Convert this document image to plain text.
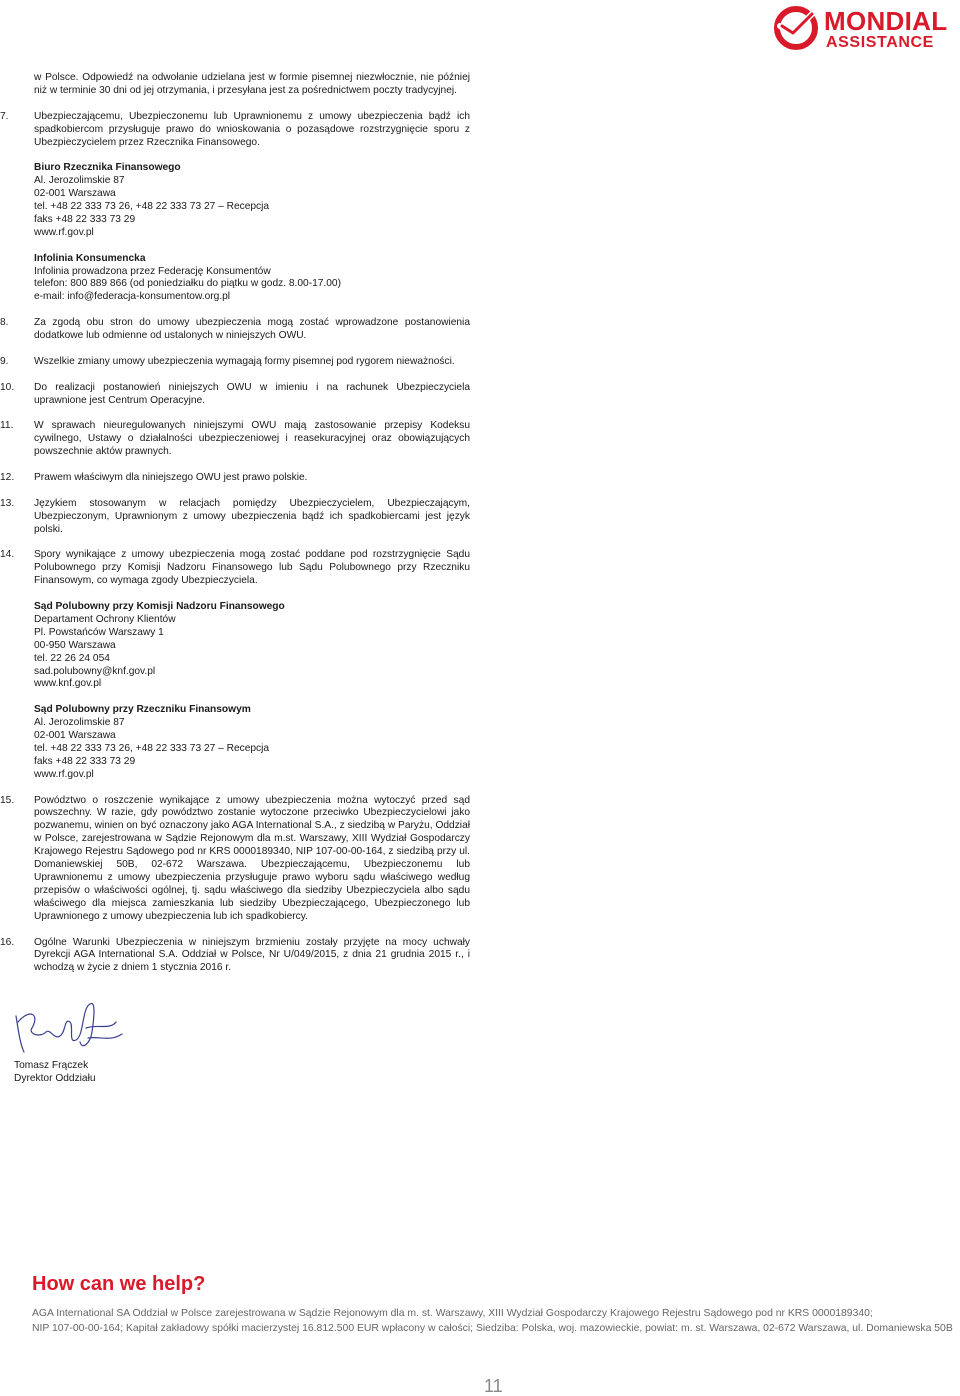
MONDIAL
ASSISTANCE

w Polsce. Odpowiedź na odwołanie udzielana jest w formie pisemnej niezwłocznie, nie później niż w terminie 30 dni od jej otrzymania, i przesyłana jest za pośrednictwem poczty tradycyjnej.

7.	Ubezpieczającemu, Ubezpieczonemu lub Uprawnionemu z umowy ubezpieczenia bądź ich spadkobiercom przysługuje prawo do wnioskowania o pozasądowe rozstrzygnięcie sporu z Ubezpieczycielem przez Rzecznika Finansowego.
Biuro Rzecznika Finansowego
Al. Jerozolimskie 87
02-001 Warszawa
tel. +48 22 333 73 26, +48 22 333 73 27 – Recepcja
faks +48 22 333 73 29
www.rf.gov.pl
Infolinia Konsumencka
Infolinia prowadzona przez Federację Konsumentów
telefon: 800 889 866 (od poniedziałku do piątku w godz. 8.00-17.00)
e-mail: info@federacja-konsumentow.org.pl
8.	Za zgodą obu stron do umowy ubezpieczenia mogą zostać wprowadzone postanowienia dodatkowe lub odmienne od ustalonych w niniejszych OWU.
9.	Wszelkie zmiany umowy ubezpieczenia wymagają formy pisemnej pod rygorem nieważności.
10.	Do realizacji postanowień niniejszych OWU w imieniu i na rachunek Ubezpieczyciela uprawnione jest Centrum Operacyjne.
11.	W sprawach nieuregulowanych niniejszymi OWU mają zastosowanie przepisy Kodeksu cywilnego, Ustawy o działalności ubezpieczeniowej i reasekuracyjnej oraz obowiązujących powszechnie aktów prawnych.
12.	Prawem właściwym dla niniejszego OWU jest prawo polskie.
13.	Językiem stosowanym w relacjach pomiędzy Ubezpieczycielem, Ubezpieczającym, Ubezpieczonym, Uprawnionym z umowy ubezpieczenia bądź ich spadkobiercami jest język polski.
14.	Spory wynikające z umowy ubezpieczenia mogą zostać poddane pod rozstrzygnięcie Sądu Polubownego przy Komisji Nadzoru Finansowego lub Sądu Polubownego przy Rzeczniku Finansowym, co wymaga zgody Ubezpieczyciela.
Sąd Polubowny przy Komisji Nadzoru Finansowego
Departament Ochrony Klientów
Pl. Powstańców Warszawy 1
00-950 Warszawa
tel. 22 26 24 054
sad.polubowny@knf.gov.pl
www.knf.gov.pl
Sąd Polubowny przy Rzeczniku Finansowym
Al. Jerozolimskie 87
02-001 Warszawa
tel. +48 22 333 73 26, +48 22 333 73 27 – Recepcja
faks +48 22 333 73 29
www.rf.gov.pl
15.	Powództwo o roszczenie wynikające z umowy ubezpieczenia można wytoczyć przed sąd powszechny. W razie, gdy powództwo zostanie wytoczone przeciwko Ubezpieczycielowi jako pozwanemu, winien on być oznaczony jako AGA International S.A., z siedzibą w Paryżu, Oddział w Polsce, zarejestrowana w Sądzie Rejonowym dla m.st. Warszawy, XIII Wydział Gospodarczy Krajowego Rejestru Sądowego pod nr KRS 0000189340, NIP 107-00-00-164, z siedzibą przy ul. Domaniewskiej 50B, 02-672 Warszawa. Ubezpieczającemu, Ubezpieczonemu lub Uprawnionemu z umowy ubezpieczenia przysługuje prawo wyboru sądu właściwego według przepisów o właściwości ogólnej, tj. sądu właściwego dla siedziby Ubezpieczyciela albo sądu właściwego dla miejsca zamieszkania lub siedziby Ubezpieczającego, Ubezpieczonego lub Uprawnionego z umowy ubezpieczenia lub ich spadkobiercy.
16.	Ogólne Warunki Ubezpieczenia w niniejszym brzmieniu zostały przyjęte na mocy uchwały Dyrekcji AGA International S.A. Oddział w Polsce, Nr U/049/2015, z dnia 21 grudnia 2015 r., i wchodzą w życie z dniem 1 stycznia 2016 r.
Tomasz Frączek
Dyrektor Oddziału
How can we help?
AGA International SA Oddział w Polsce zarejestrowana w Sądzie Rejonowym dla m. st. Warszawy, XIII Wydział Gospodarczy Krajowego Rejestru Sądowego pod nr KRS 0000189340;
NIP 107-00-00-164; Kapitał zakładowy spółki macierzystej 16.812.500 EUR wpłacony w całości; Siedziba: Polska, woj. mazowieckie, powiat: m. st. Warszawa, 02-672 Warszawa, ul. Domaniewska 50B
11
